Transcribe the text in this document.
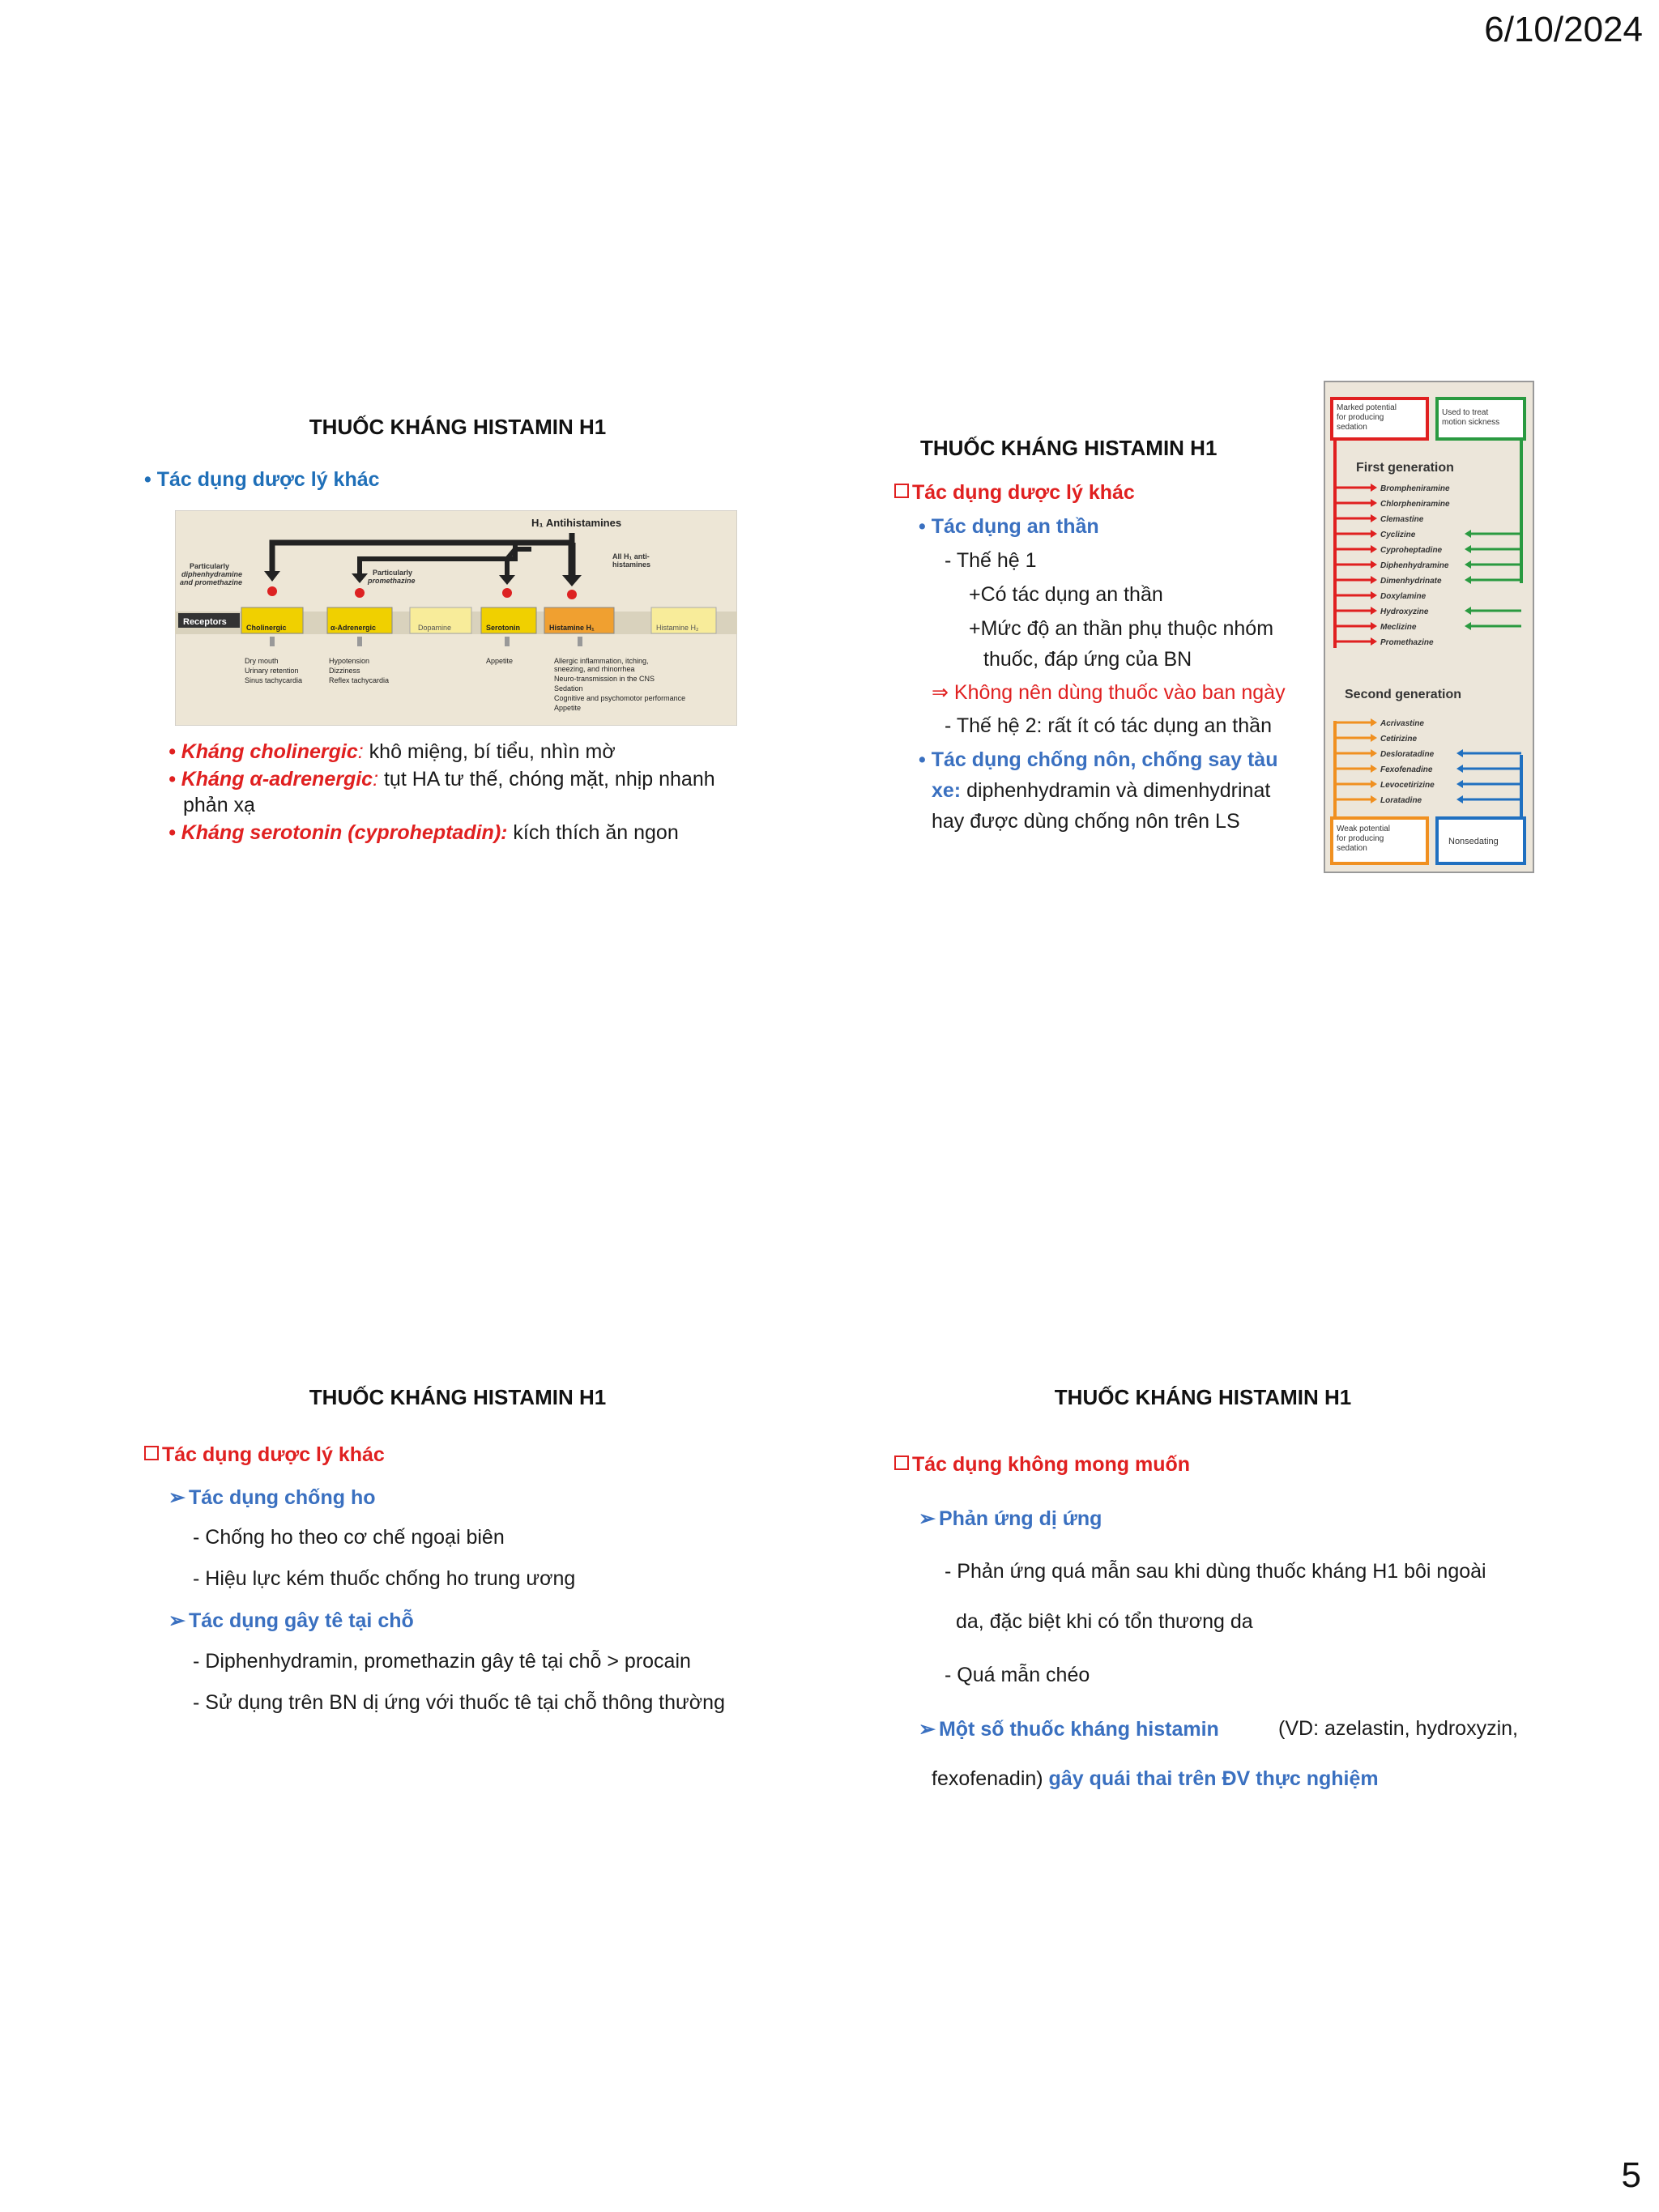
6/10/2024
5
THUỐC KHÁNG HISTAMIN H1
• Tác dụng dược lý khác
H₁ Antihistamines
Particularly
diphenhydramine
and promethazine
Particularly
promethazine
All H₁ anti-
histamines
Receptors
Cholinergic	α-Adrenergic	Dopamine	Serotonin	Histamine H₁	Histamine H₂
Dry mouth
Urinary retention
Sinus tachycardia
Hypotension
Dizziness
Reflex tachycardia
Appetite	Allergic inflammation, itching,
sneezing, and rhinorrhea
Neuro-transmission in the CNS
Sedation
Cognitive and psychomotor performance
Appetite
• Kháng cholinergic: khô miệng, bí tiểu, nhìn mờ
• Kháng α-adrenergic: tụt HA tư thế, chóng mặt, nhịp nhanh
phản xạ
• Kháng serotonin (cyproheptadin): kích thích ăn ngon
THUỐC KHÁNG HISTAMIN H1
Tác dụng dược lý khác
• Tác dụng an thần
- Thế hệ 1
+Có tác dụng an thần
+Mức độ an thần phụ thuộc nhóm
thuốc, đáp ứng của BN
⇒ Không nên dùng thuốc vào ban ngày
- Thế hệ 2: rất ít có tác dụng an thần
• Tác dụng chống nôn, chống say tàu
xe: diphenhydramin và dimenhydrinat
hay được dùng chống nôn trên LS
Marked potential
for producing
sedation
Used to treat
motion sickness
First generation
Brompheniramine
Chlorpheniramine
Clemastine
Cyclizine
Cyproheptadine
Diphenhydramine
Dimenhydrinate
Doxylamine
Hydroxyzine
Meclizine
Promethazine
Second generation
Acrivastine
Cetirizine
Desloratadine
Fexofenadine
Levocetirizine
Loratadine
Weak potential
for producing
sedation
Nonsedating
THUỐC KHÁNG HISTAMIN H1
Tác dụng dược lý khác
➢ Tác dụng chống ho
- Chống ho theo cơ chế ngoại biên
- Hiệu lực kém thuốc chống ho trung ương
➢ Tác dụng gây tê tại chỗ
- Diphenhydramin, promethazin gây tê tại chỗ > procain
- Sử dụng trên BN dị ứng với thuốc tê tại chỗ thông thường
THUỐC KHÁNG HISTAMIN H1
Tác dụng không mong muốn
➢ Phản ứng dị ứng
- Phản ứng quá mẫn sau khi dùng thuốc kháng H1 bôi ngoài
da, đặc biệt khi có tổn thương da
- Quá mẫn chéo
➢ Một số thuốc kháng histamin	(VD: azelastin, hydroxyzin,
fexofenadin) gây quái thai trên ĐV thực nghiệm
